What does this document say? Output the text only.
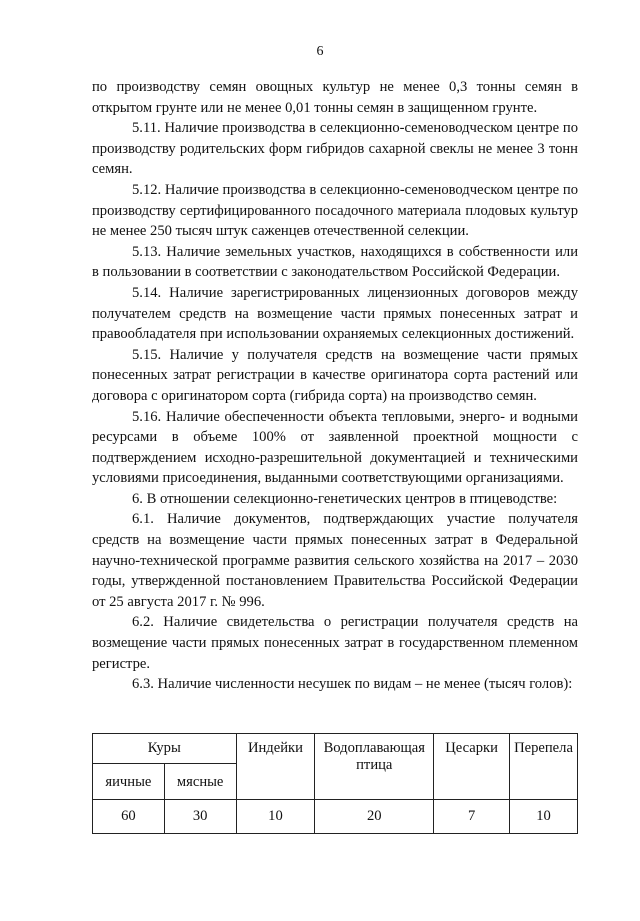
6

по производству семян овощных культур не менее 0,3 тонны семян в открытом грунте или не менее 0,01 тонны семян в защищенном грунте.

5.11. Наличие производства в селекционно-семеноводческом центре по производству родительских форм гибридов сахарной свеклы не менее 3 тонн семян.

5.12. Наличие производства в селекционно-семеноводческом центре по производству сертифицированного посадочного материала плодовых культур не менее 250 тысяч штук саженцев отечественной селекции.

5.13. Наличие земельных участков, находящихся в собственности или в пользовании в соответствии с законодательством Российской Федерации.

5.14. Наличие зарегистрированных лицензионных договоров между получателем средств на возмещение части прямых понесенных затрат и правообладателя при использовании охраняемых селекционных достижений.

5.15. Наличие у получателя средств на возмещение части прямых понесенных затрат регистрации в качестве оригинатора сорта растений или договора с оригинатором сорта (гибрида сорта) на производство семян.

5.16. Наличие обеспеченности объекта тепловыми, энерго- и водными ресурсами в объеме 100% от заявленной проектной мощности с подтверждением исходно-разрешительной документацией и техническими условиями присоединения, выданными соответствующими организациями.

6. В отношении селекционно-генетических центров в птицеводстве:

6.1. Наличие документов, подтверждающих участие получателя средств на возмещение части прямых понесенных затрат в Федеральной научно-технической программе развития сельского хозяйства на 2017 – 2030 годы, утвержденной постановлением Правительства Российской Федерации от 25 августа 2017 г. № 996.

6.2. Наличие свидетельства о регистрации получателя средств на возмещение части прямых понесенных затрат в государственном племенном регистре.

6.3. Наличие численности несушек по видам – не менее (тысяч голов):

Куры		Индейки	Водоплавающая птица	Цесарки	Перепела
яичные	мясные				
60	30	10	20	7	10
